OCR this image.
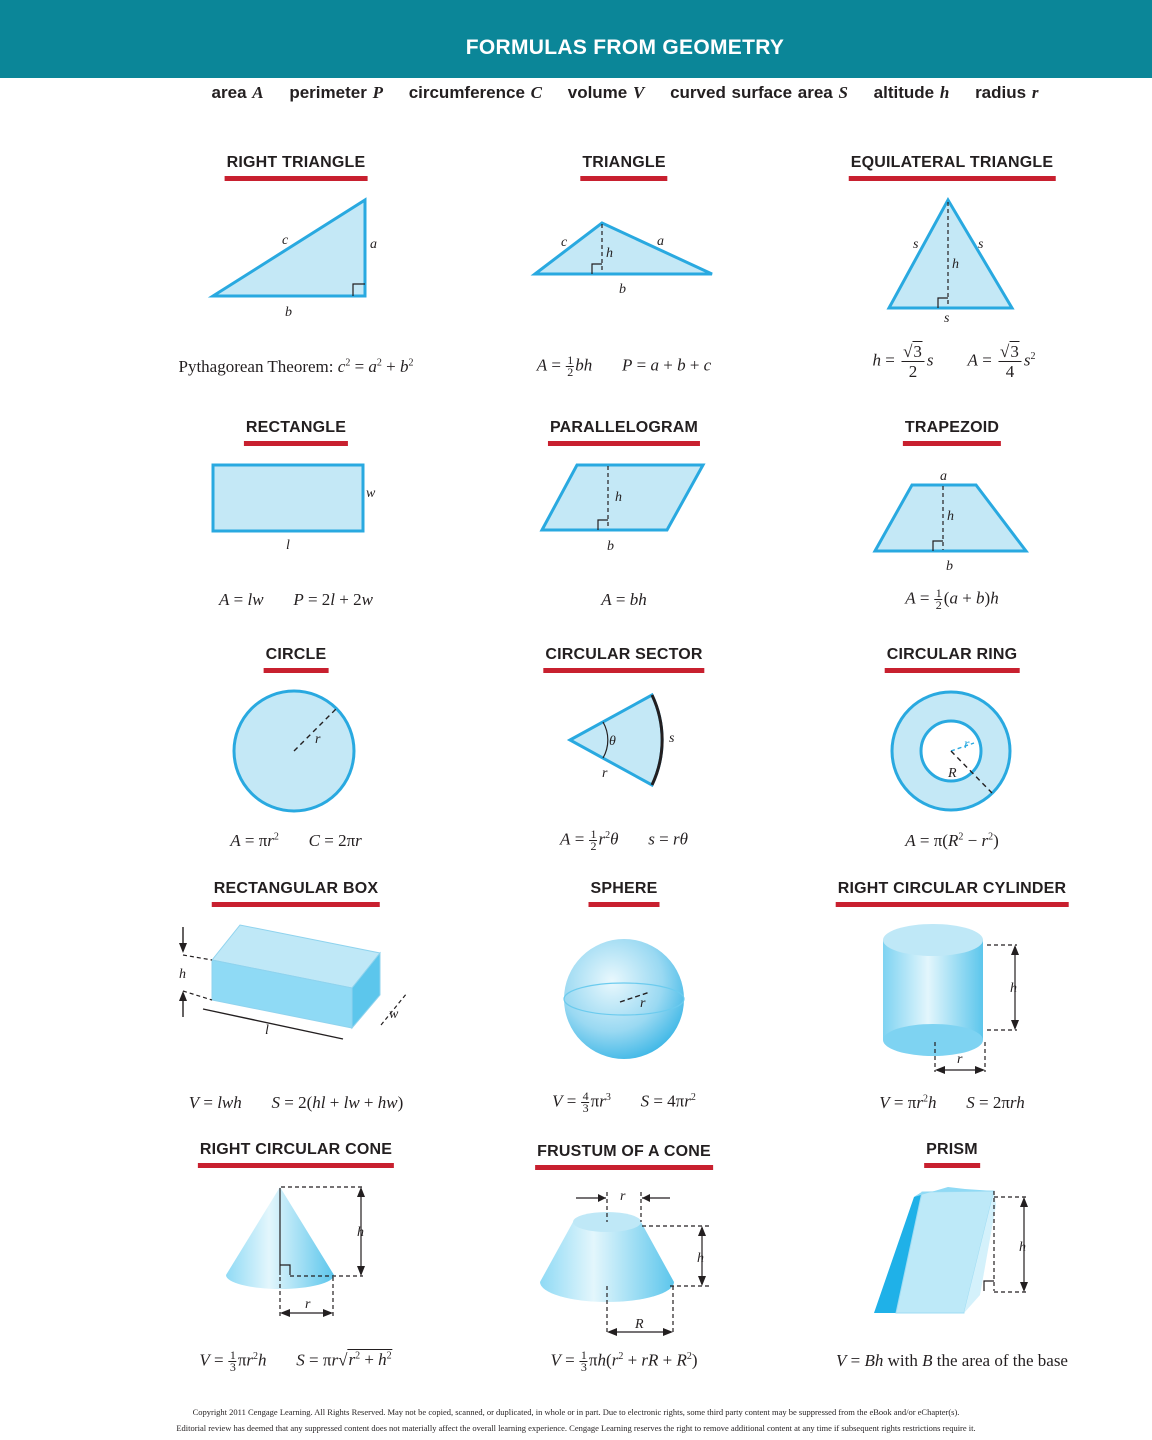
FORMULAS FROM GEOMETRY
area A perimeter P circumference C volume V curved surface area S altitude h radius r
RIGHT TRIANGLE	TRIANGLE	EQUILATERAL TRIANGLE
c	a
b
c	a
h
b
s	s
h
s
Pythagorean Theorem: $c^2 = a^2 + b^2$	$A = \frac{1}{2}$ bh P = a + b + c	$h = \frac{√3}{2}$ s $A = \frac{√3}{4} s^2$
RECTANGLE	PARALLELOGRAM	TRAPEZOID
w
l
h
b
a
h
b
A = lw P = 2l + 2w	A = bh	$A = \frac{1}{2} (a + b)h$
CIRCLE	CIRCULAR SECTOR	CIRCULAR RING
r	θ	s
r
r
R
$A = \pi r^2$ C = 2πr	$A = \frac{1}{2} r^2\theta$ s = rθ	$A = \pi(R^2 - r^2)$
RECTANGULAR BOX	SPHERE	RIGHT CIRCULAR CYLINDER
h
l
w
r
h
r
V = lwh S = 2(hl + lw + hw)	$V = \frac{4}{3} \pi r^3$ $S = 4\pi r^2$	$V = \pi r^2h$ S = 2πrh
RIGHT CIRCULAR CONE	FRUSTUM OF A CONE	PRISM
h
r
r
h
R
h
$V = \frac{1}{3} \pi r^2h$ $S = \pi r√r^2 + h^2$	$V = \frac{1}{3} \pi h(r^2$ + rR + $R^2$)	V = Bh with B the area of the base
Copyright 2011 Cengage Learning. All Rights Reserved. May not be copied, scanned, or duplicated, in whole or in part. Due to electronic rights, some third party content may be suppressed from the eBook and/or eChapter(s).
Editorial review has deemed that any suppressed content does not materially affect the overall learning experience. Cengage Learning reserves the right to remove additional content at any time if subsequent rights restrictions require it.
